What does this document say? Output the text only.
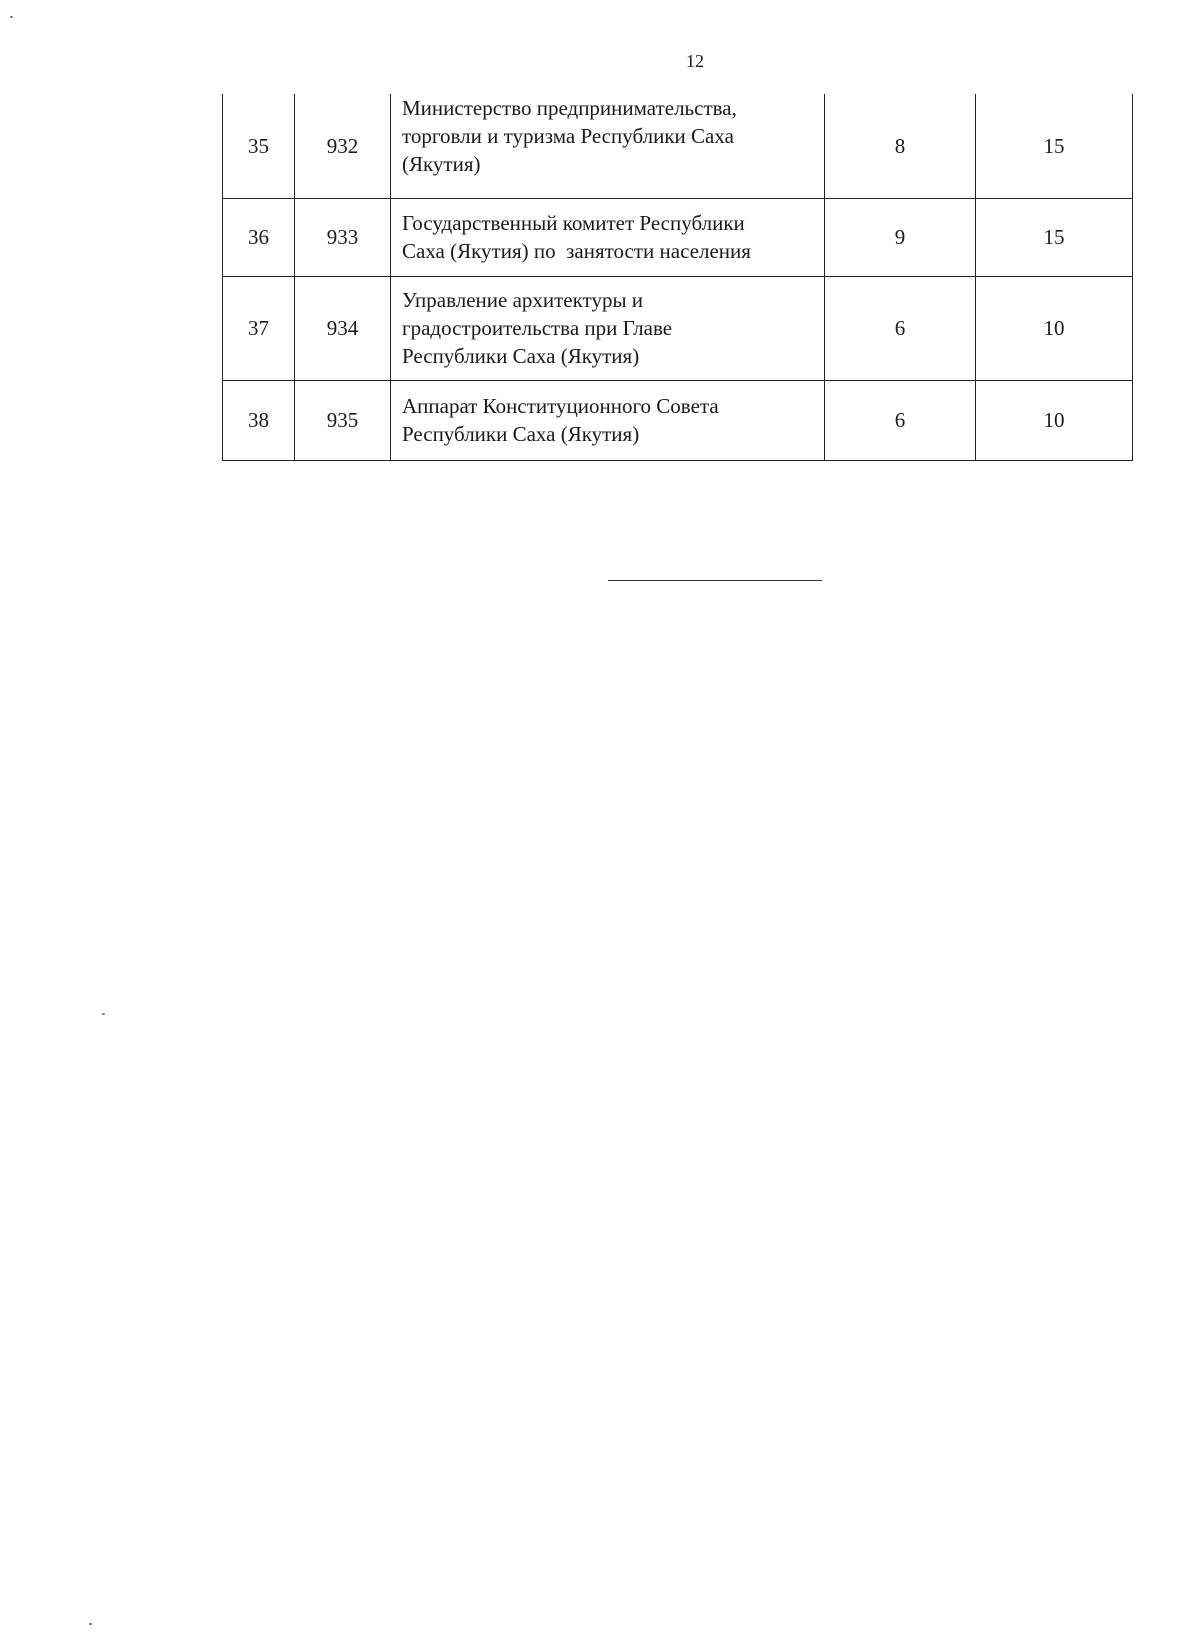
12
35	932	Министерство предпринимательства,
торговли и туризма Республики Саха
(Якутия)	8	15
36	933	Государственный комитет Республики
Саха (Якутия) по  занятости населения	9	15
37	934	Управление архитектуры и
градостроительства при Главе
Республики Саха (Якутия)	6	10
38	935	Аппарат Конституционного Совета
Республики Саха (Якутия)	6	10
